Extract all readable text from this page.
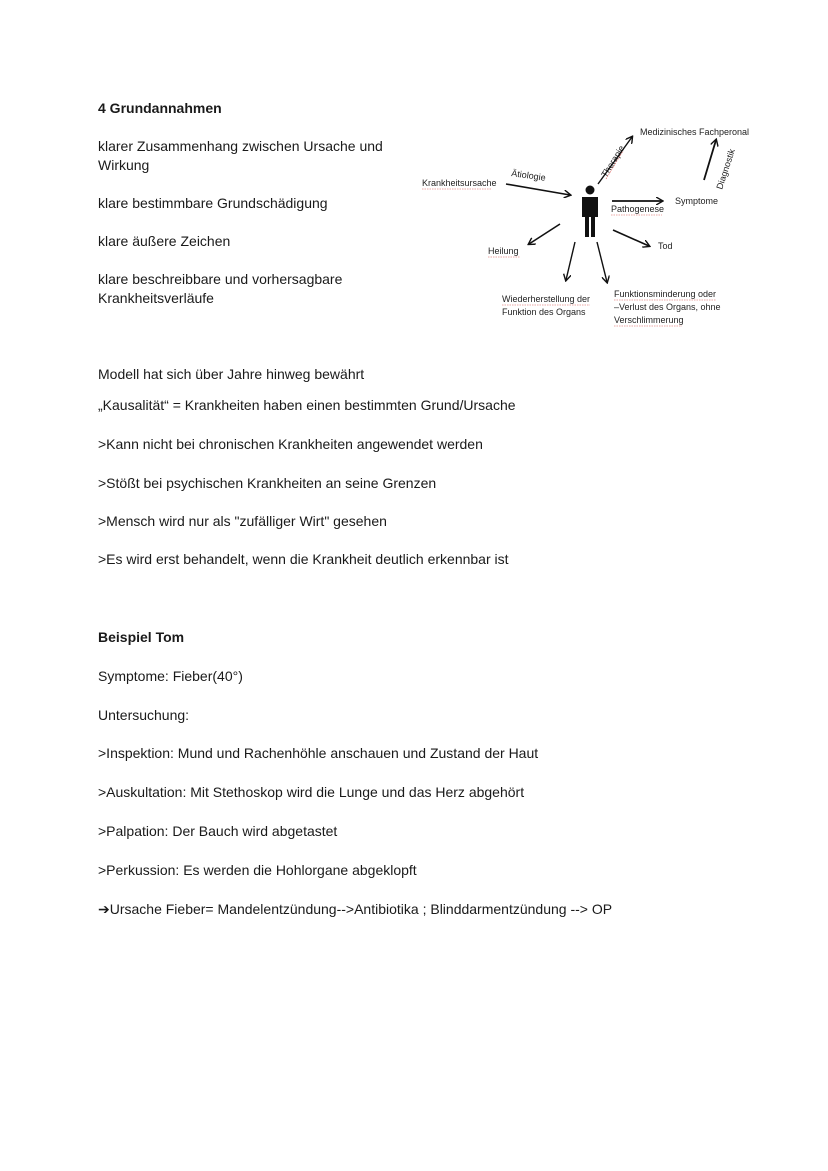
4 Grundannahmen
klarer Zusammenhang zwischen Ursache und
Wirkung
klare bestimmbare Grundschädigung
klare äußere Zeichen
klare beschreibbare und vorhersagbare
Krankheitsverläufe
Medizinisches Fachperonal
Therapie	Diagnostik
Ätiologie
Krankheitsursache
Pathogenese
Symptome
Heilung	Tod
Wiederherstellung der
Funktion des Organs
Funktionsminderung oder
–Verlust des Organs, ohne
Verschlimmerung
Modell hat sich über Jahre hinweg bewährt
„Kausalität“ = Krankheiten haben einen bestimmten Grund/Ursache
>Kann nicht bei chronischen Krankheiten angewendet werden
>Stößt bei psychischen Krankheiten an seine Grenzen
>Mensch wird nur als "zufälliger Wirt" gesehen
>Es wird erst behandelt, wenn die Krankheit deutlich erkennbar ist
Beispiel Tom
Symptome: Fieber(40°)
Untersuchung:
>Inspektion: Mund und Rachenhöhle anschauen und Zustand der Haut
>Auskultation: Mit Stethoskop wird die Lunge und das Herz abgehört
>Palpation: Der Bauch wird abgetastet
>Perkussion: Es werden die Hohlorgane abgeklopft
➔Ursache Fieber= Mandelentzündung-->Antibiotika ; Blinddarmentzündung --> OP
